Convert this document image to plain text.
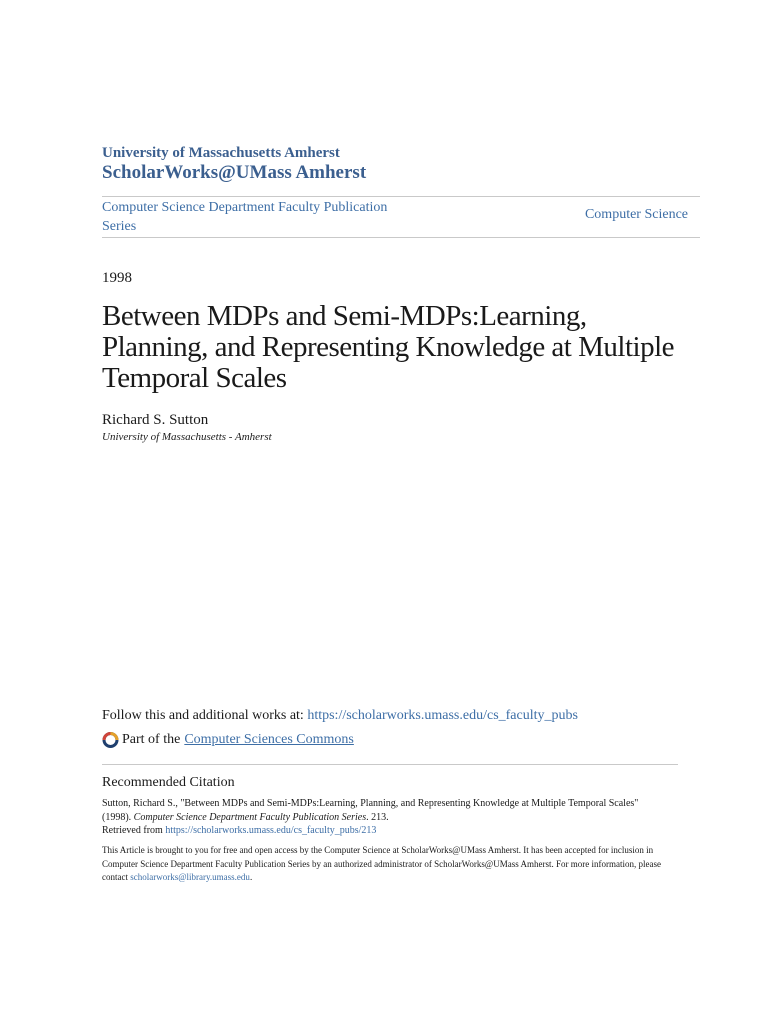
University of Massachusetts Amherst
ScholarWorks@UMass Amherst
Computer Science Department Faculty Publication Series
Computer Science
1998
Between MDPs and Semi-MDPs:Learning, Planning, and Representing Knowledge at Multiple Temporal Scales
Richard S. Sutton
University of Massachusetts - Amherst
Follow this and additional works at: https://scholarworks.umass.edu/cs_faculty_pubs
Part of the Computer Sciences Commons
Recommended Citation
Sutton, Richard S., "Between MDPs and Semi-MDPs:Learning, Planning, and Representing Knowledge at Multiple Temporal Scales"
(1998). Computer Science Department Faculty Publication Series. 213.
Retrieved from https://scholarworks.umass.edu/cs_faculty_pubs/213
This Article is brought to you for free and open access by the Computer Science at ScholarWorks@UMass Amherst. It has been accepted for inclusion in Computer Science Department Faculty Publication Series by an authorized administrator of ScholarWorks@UMass Amherst. For more information, please contact scholarworks@library.umass.edu.
